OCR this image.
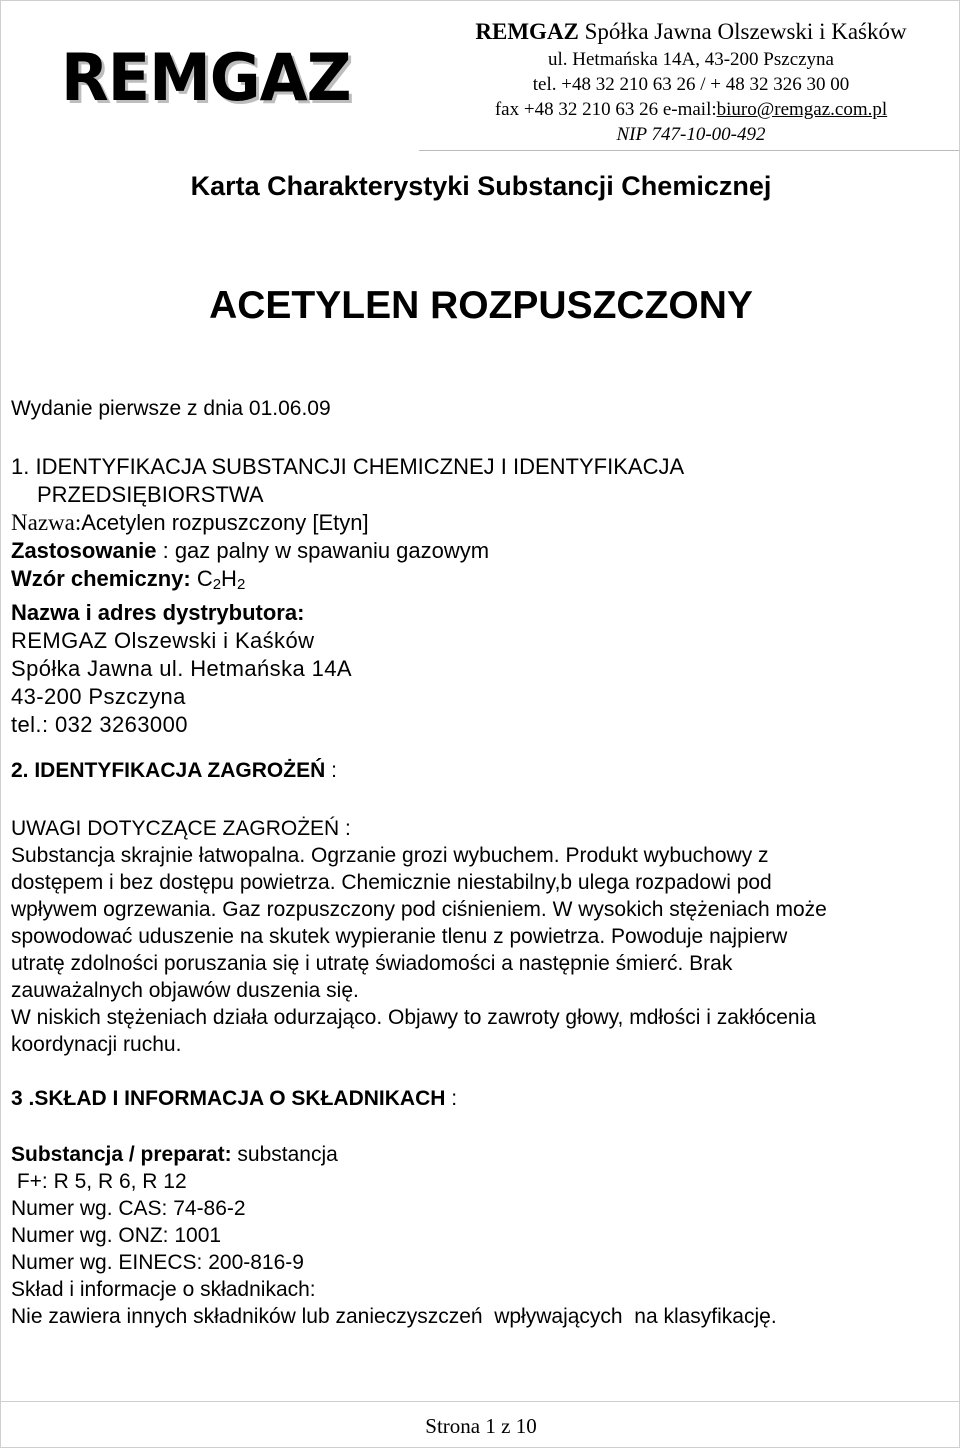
REMGAZ
REMGAZ Spółka Jawna Olszewski i Kaśków
ul. Hetmańska 14A, 43-200 Pszczyna
tel. +48 32 210 63 26 / + 48 32 326 30 00
fax +48 32 210 63 26 e-mail:biuro@remgaz.com.pl
NIP 747-10-00-492
Karta Charakterystyki Substancji Chemicznej
ACETYLEN ROZPUSZCZONY
Wydanie pierwsze z dnia 01.06.09
1. IDENTYFIKACJA SUBSTANCJI CHEMICZNEJ I IDENTYFIKACJA
PRZEDSIĘBIORSTWA
Nazwa:Acetylen rozpuszczony [Etyn]
Zastosowanie : gaz palny w spawaniu gazowym
Wzór chemiczny: $C_2H_2$
Nazwa i adres dystrybutora:
REMGAZ Olszewski i Kaśków
Spółka Jawna ul. Hetmańska 14A
43-200 Pszczyna
tel.: 032 3263000
2. IDENTYFIKACJA ZAGROŻEŃ :
UWAGI DOTYCZĄCE ZAGROŻEŃ :
Substancja skrajnie łatwopalna. Ogrzanie grozi wybuchem. Produkt wybuchowy z
dostępem i bez dostępu powietrza. Chemicznie niestabilny,b ulega rozpadowi pod
wpływem ogrzewania. Gaz rozpuszczony pod ciśnieniem. W wysokich stężeniach może
spowodować uduszenie na skutek wypieranie tlenu z powietrza. Powoduje najpierw
utratę zdolności poruszania się i utratę świadomości a następnie śmierć. Brak
zauważalnych objawów duszenia się.
W niskich stężeniach działa odurzająco. Objawy to zawroty głowy, mdłości i zakłócenia
koordynacji ruchu.
3 .SKŁAD I INFORMACJA O SKŁADNIKACH :
Substancja / preparat: substancja
F+: R 5, R 6, R 12
Numer wg. CAS: 74-86-2
Numer wg. ONZ: 1001
Numer wg. EINECS: 200-816-9
Skład i informacje o składnikach:
Nie zawiera innych składników lub zanieczyszczeń  wpływających  na klasyfikację.
Strona 1 z 10
